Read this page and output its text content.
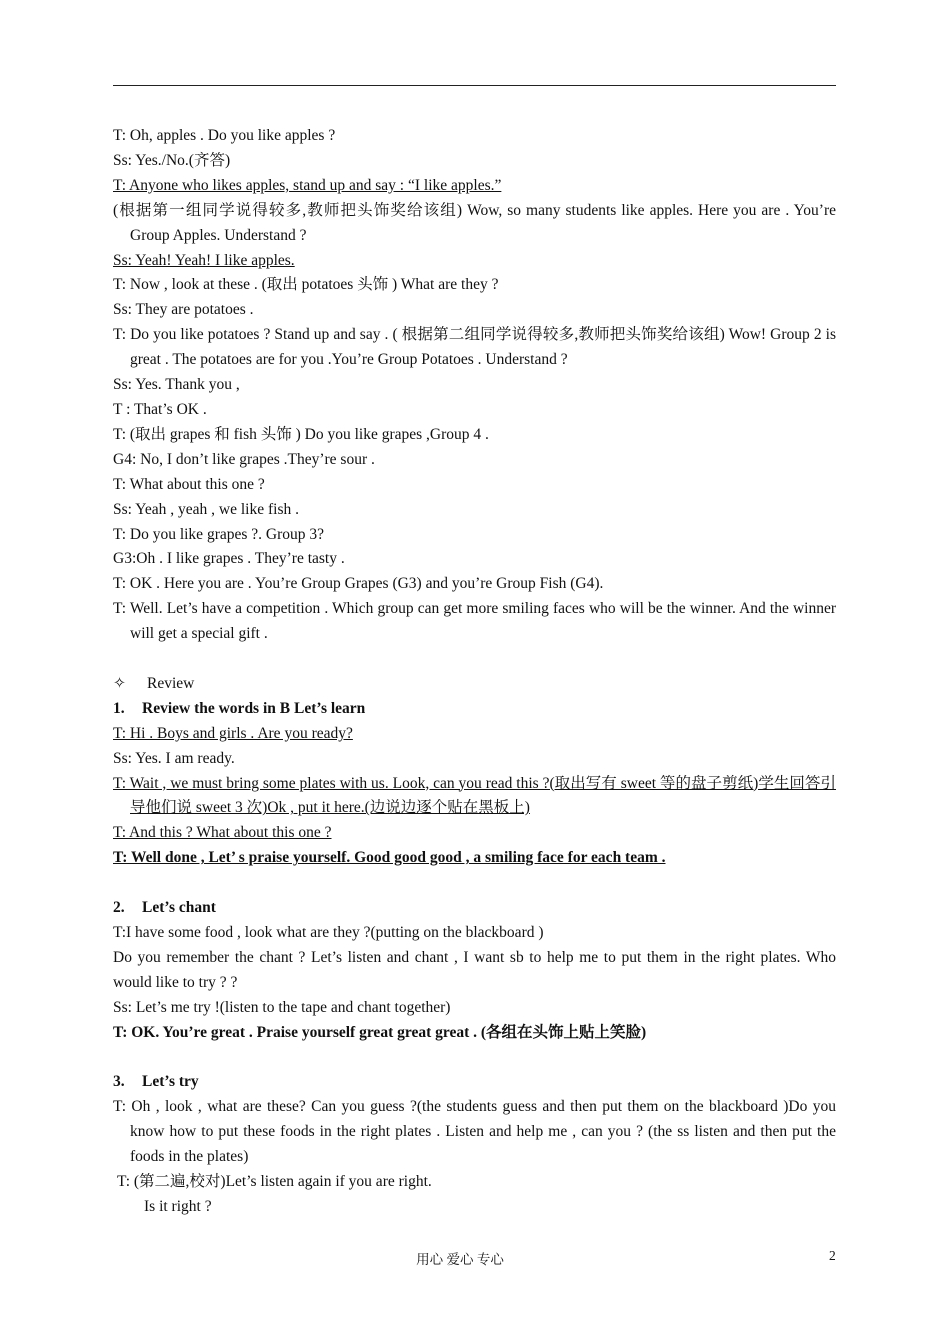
T: Oh, apples . Do you like apples ?

Ss: Yes./No.(齐答)

T: Anyone who likes apples, stand up and say : “I like apples.”

(根据第一组同学说得较多,教师把头饰奖给该组) Wow, so many students like apples. Here you are . You’re Group Apples. Understand ?

Ss: Yeah! Yeah! I like apples.

T: Now , look at these . (取出 potatoes 头饰 ) What are they ?

Ss: They are potatoes .

T: Do you like potatoes ? Stand up and say . ( 根据第二组同学说得较多,教师把头饰奖给该组) Wow! Group 2 is great . The potatoes are for you .You’re Group Potatoes . Understand ?

Ss: Yes. Thank you ,

T : That’s OK .

T: (取出 grapes 和 fish 头饰 ) Do you like grapes ,Group 4 .

G4: No, I don’t like grapes .They’re sour .

T: What about this one ?

Ss: Yeah , yeah , we like fish .

T: Do you like grapes ?. Group 3?

G3:Oh . I like grapes . They’re tasty .

T: OK . Here you are . You’re Group Grapes (G3) and you’re Group Fish (G4).

T: Well. Let’s have a competition . Which group can get more smiling faces who will be the winner. And the winner will get a special gift .

✧ Review

1. Review the words in B Let’s learn

T: Hi . Boys and girls . Are you ready?

Ss: Yes. I am ready.

T: Wait , we must bring some plates with us. Look, can you read this ?(取出写有 sweet 等的盘子剪纸)学生回答引导他们说 sweet 3 次)Ok , put it here.(边说边逐个贴在黑板上)

T: And this ? What about this one ?

T: Well done , Let’ s praise yourself. Good good good , a smiling face for each team .

2. Let’s chant

T:I have some food , look what are they ?(putting on the blackboard )

Do you remember the chant ? Let’s listen and chant , I want sb to help me to put them in the right plates. Who would like to try ? ?

Ss: Let’s me try !(listen to the tape and chant together)

T: OK. You’re great . Praise yourself great great great . (各组在头饰上贴上笑脸)

3. Let’s try

T: Oh , look , what are these? Can you guess ?(the students guess and then put them on the blackboard )Do you know how to put these foods in the right plates . Listen and help me , can you ? (the ss listen and then put the foods in the plates)

T: (第二遍,校对)Let’s listen again if you are right.

Is it right ?

用心 爱心 专心	2
